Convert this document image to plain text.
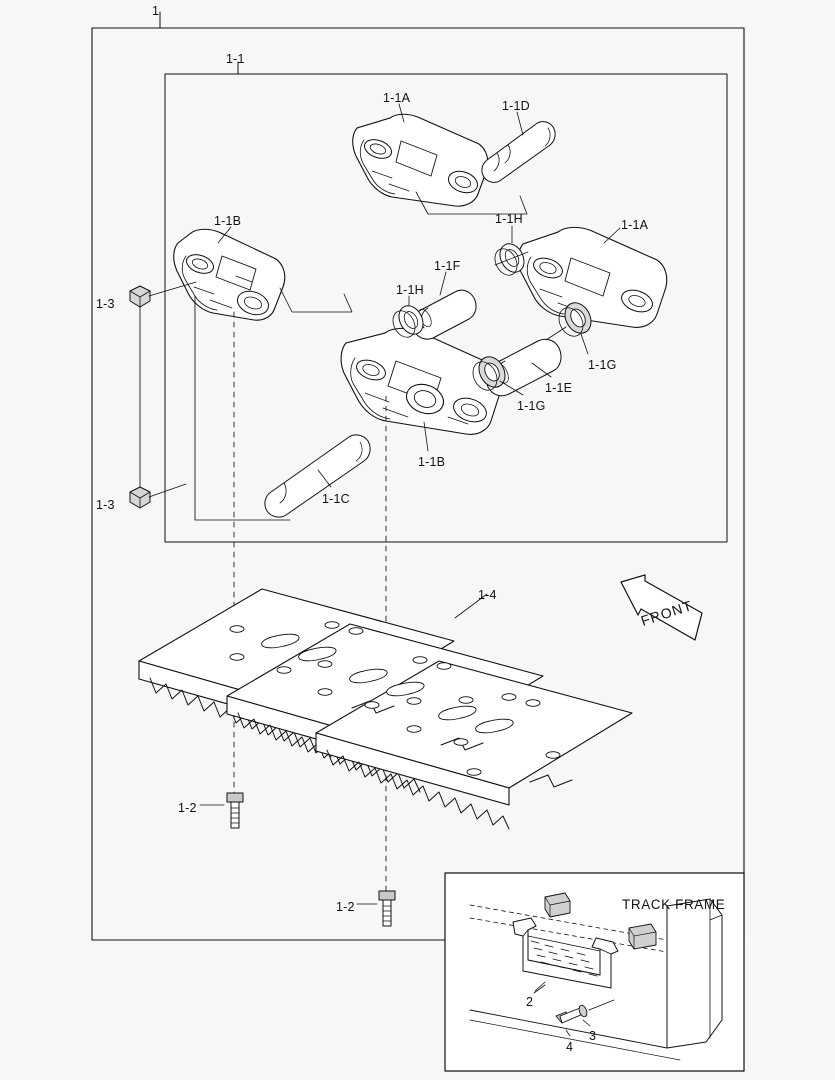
1
1-1
1-1A
1-1D
1-1H	1-1A
1-1B
1-1F
1-1H
1-3
1-1G
1-1E
1-1G
1-1B
1-1C
1-3
1-4
1-2
1-2
2
3
4
TRACK FRAME
FRONT
